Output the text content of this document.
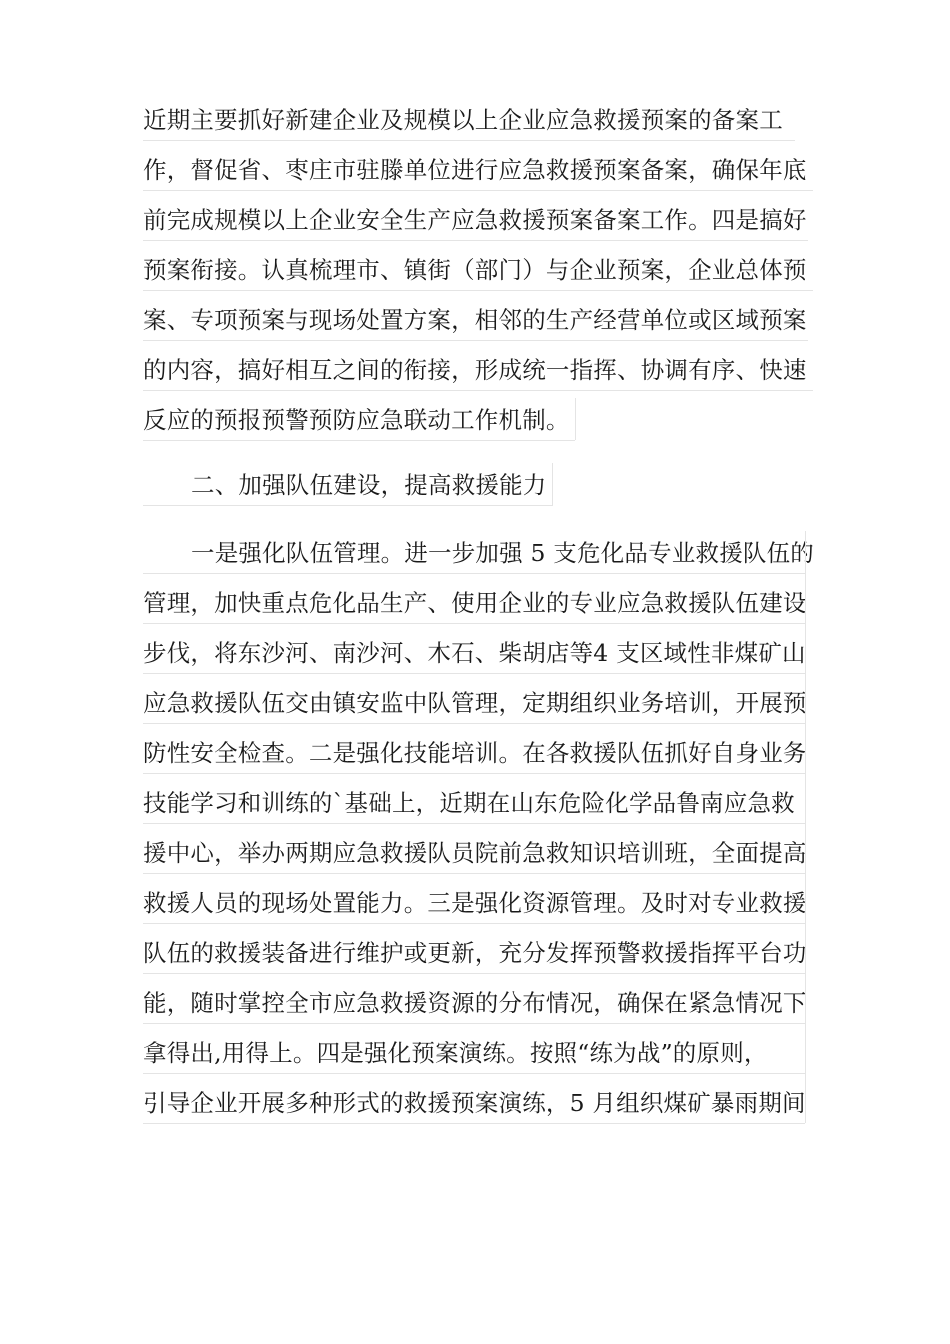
近期主要抓好新建企业及规模以上企业应急救援预案的备案工
作，督促省、枣庄市驻滕单位进行应急救援预案备案，确保年底
前完成规模以上企业安全生产应急救援预案备案工作。四是搞好
预案衔接。认真梳理市、镇街（部门）与企业预案，企业总体预
案、专项预案与现场处置方案，相邻的生产经营单位或区域预案
的内容，搞好相互之间的衔接，形成统一指挥、协调有序、快速
反应的预报预警预防应急联动工作机制。
二、加强队伍建设，提高救援能力
一是强化队伍管理。进一步加强 5 支危化品专业救援队伍的
管理，加快重点危化品生产、使用企业的专业应急救援队伍建设
步伐，将东沙河、南沙河、木石、柴胡店等4 支区域性非煤矿山
应急救援队伍交由镇安监中队管理，定期组织业务培训，开展预
防性安全检查。二是强化技能培训。在各救援队伍抓好自身业务
技能学习和训练的`基础上，近期在山东危险化学品鲁南应急救
援中心，举办两期应急救援队员院前急救知识培训班，全面提高
救援人员的现场处置能力。三是强化资源管理。及时对专业救援
队伍的救援装备进行维护或更新，充分发挥预警救援指挥平台功
能，随时掌控全市应急救援资源的分布情况，确保在紧急情况下
拿得出,用得上。四是强化预案演练。按照“练为战”的原则，
引导企业开展多种形式的救援预案演练，5 月组织煤矿暴雨期间
